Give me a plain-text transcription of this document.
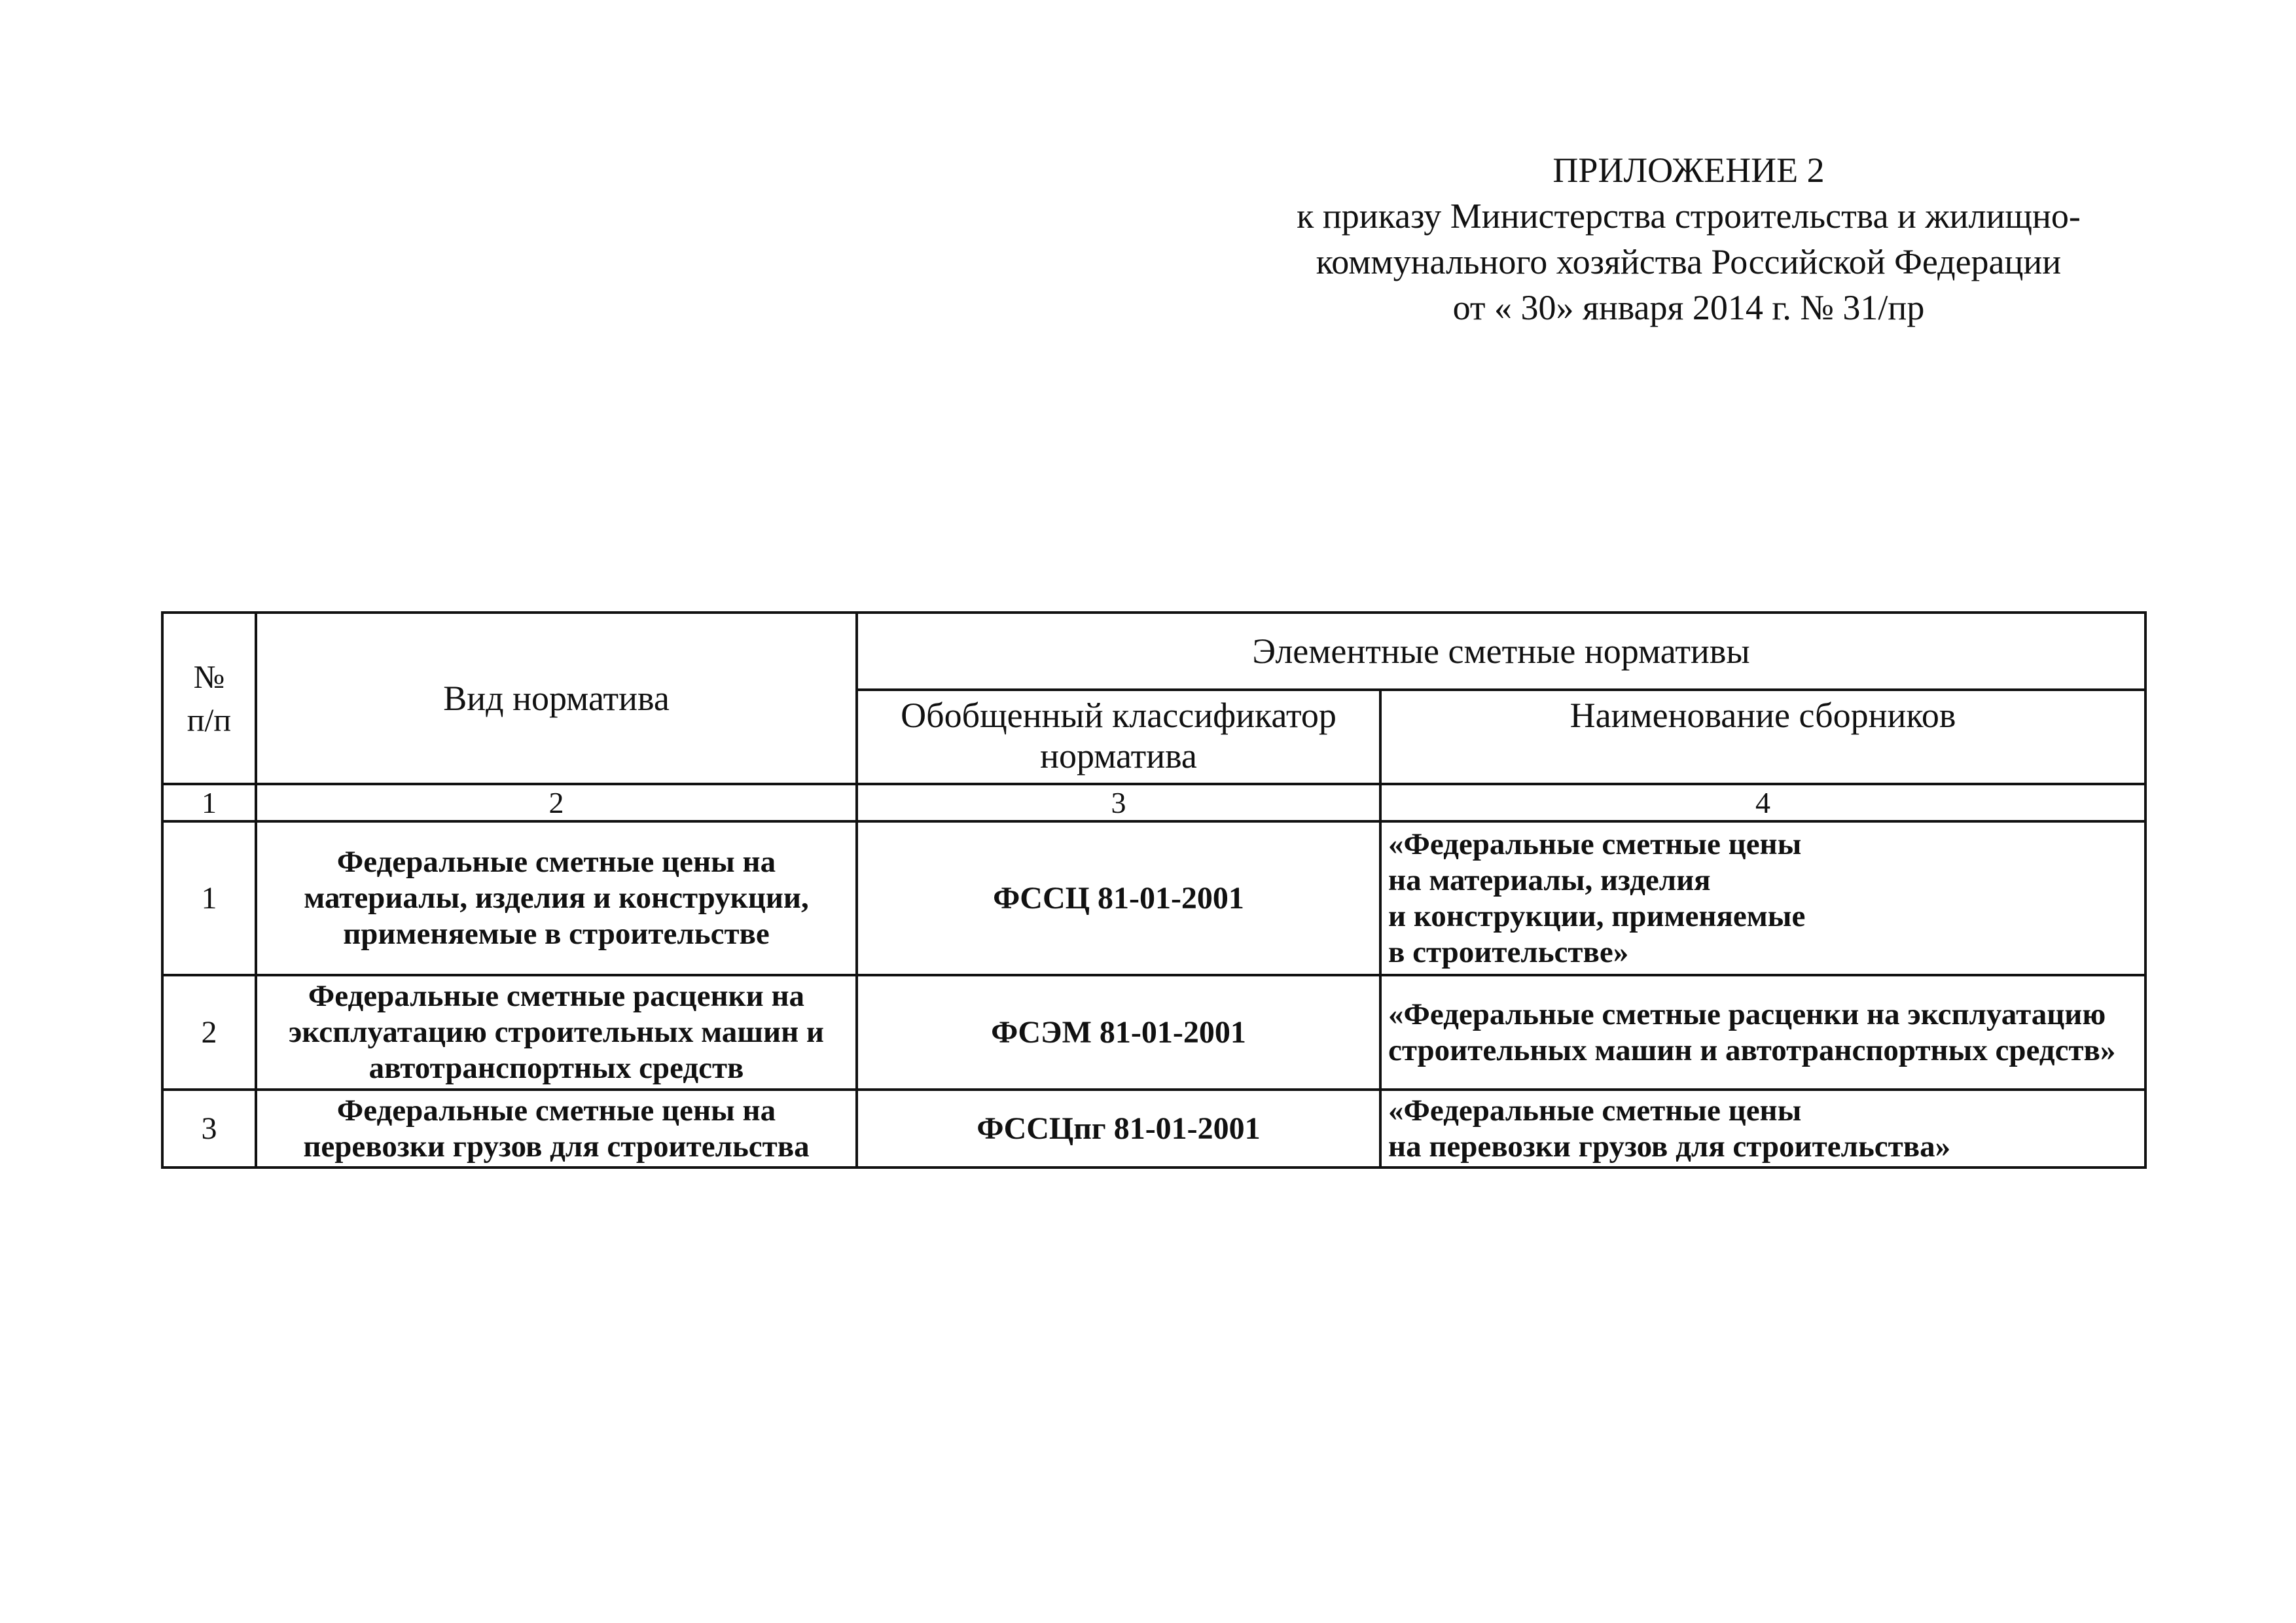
ПРИЛОЖЕНИЕ 2
к приказу Министерства строительства и жилищно-
коммунального хозяйства Российской Федерации
от « 30» января 2014 г. № 31/пр
№
п/п	Вид норматива	Элементные сметные нормативы	

		Обобщенный классификатор
норматива	Наименование сборников
1	2	3	4
1	Федеральные сметные цены на
материалы, изделия и конструкции,
применяемые в строительстве	ФССЦ 81-01-2001	«Федеральные сметные цены
на материалы, изделия
и конструкции, применяемые
в строительстве»

2	Федеральные сметные расценки на
эксплуатацию строительных машин и
автотранспортных средств	ФСЭМ 81-01-2001	«Федеральные сметные расценки на эксплуатацию
строительных машин и автотранспортных средств»

3	Федеральные сметные цены на
перевозки грузов для строительства	ФССЦпг 81-01-2001	«Федеральные сметные цены
на перевозки грузов для строительства»
